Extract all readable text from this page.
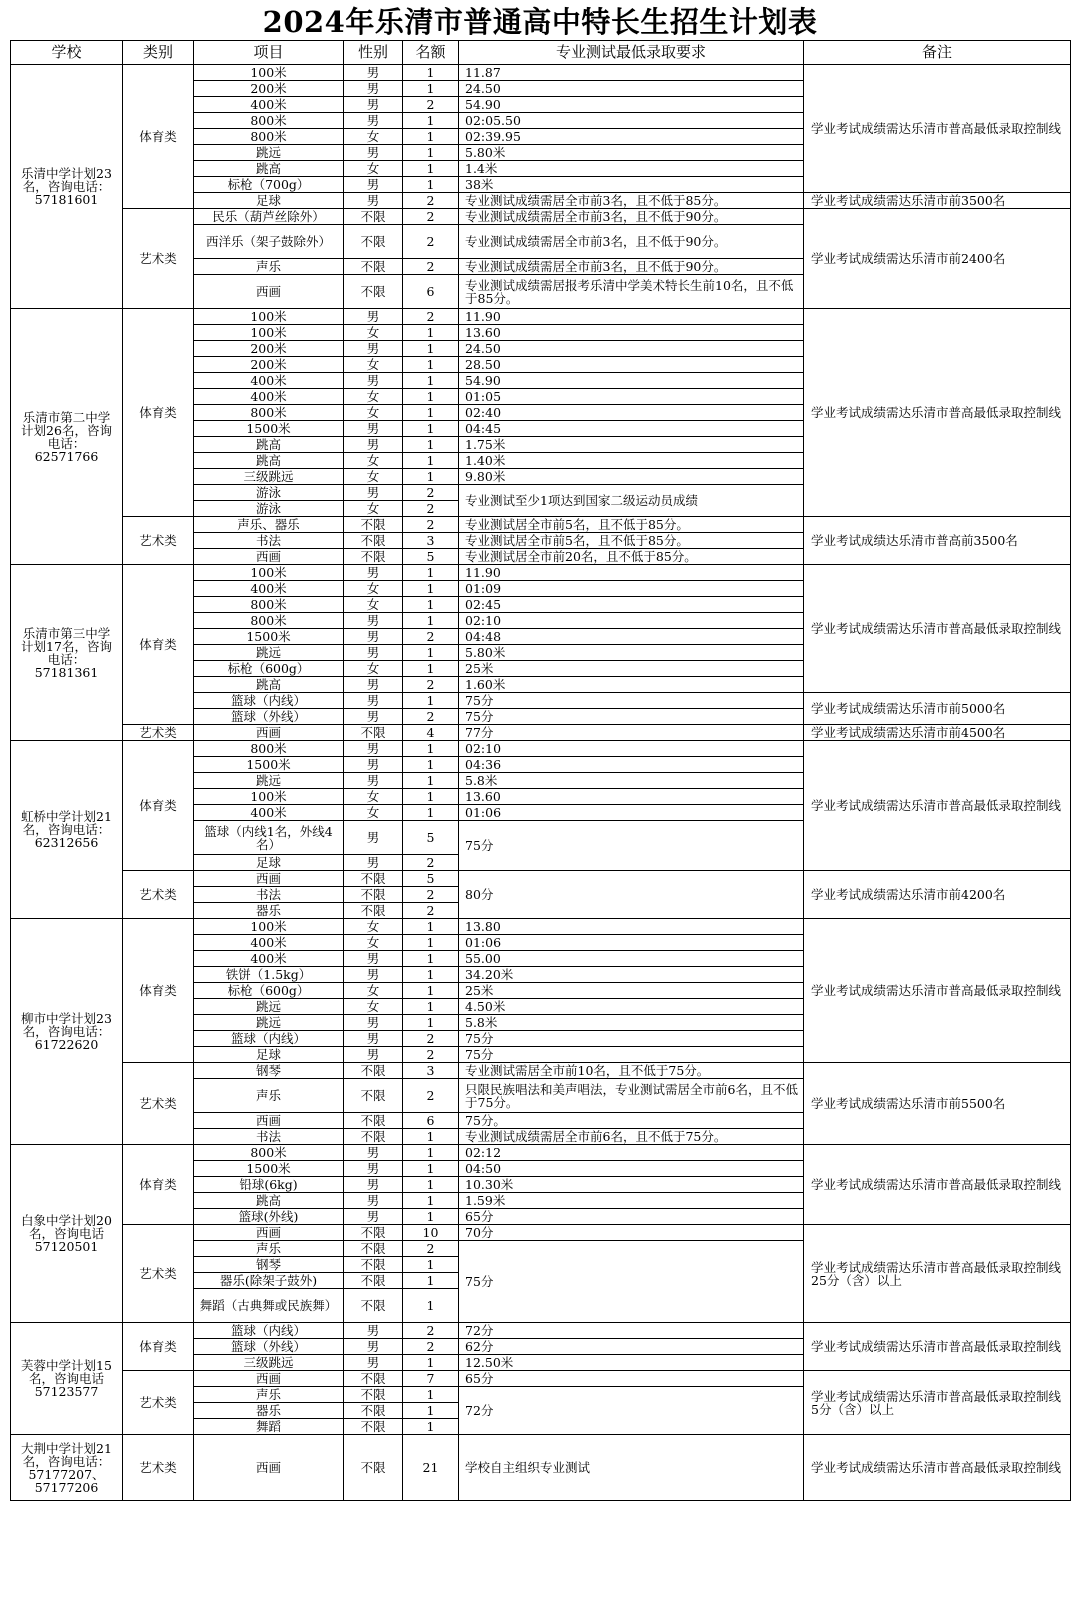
2024年乐清市普通高中特长生招生计划表
学校	类别	项目	性别	名额	专业测试最低录取要求	备注
乐清中学计划23名，咨询电话：57181601	体育类	100米	男	1	11.87	学业考试成绩需达乐清市普高最低录取控制线
		200米	男	1	24.50	
		400米	男	2	54.90	
		800米	男	1	02:05.50	
		800米	女	1	02:39.95	
		跳远	男	1	5.80米	
		跳高	女	1	1.4米	
		标枪（700g）	男	1	38米	
		足球	男	2	专业测试成绩需居全市前3名，且不低于85分。	学业考试成绩需达乐清市前3500名
	艺术类	民乐（葫芦丝除外）	不限	2	专业测试成绩需居全市前3名，且不低于90分。	学业考试成绩需达乐清市前2400名
		西洋乐（架子鼓除外）	不限	2	专业测试成绩需居全市前3名，且不低于90分。	
		声乐	不限	2	专业测试成绩需居全市前3名，且不低于90分。	
		西画	不限	6	专业测试成绩需居报考乐清中学美术特长生前10名，且不低于85分。	
乐清市第二中学计划26名，咨询电话：62571766	体育类	100米	男	2	11.90	学业考试成绩需达乐清市普高最低录取控制线
		100米	女	1	13.60	
		200米	男	1	24.50	
		200米	女	1	28.50	
		400米	男	1	54.90	
		400米	女	1	01:05	
		800米	女	1	02:40	
		1500米	男	1	04:45	
		跳高	男	1	1.75米	
		跳高	女	1	1.40米	
		三级跳远	女	1	9.80米	
		游泳	男	2	专业测试至少1项达到国家二级运动员成绩	
		游泳	女	2		
	艺术类	声乐、器乐	不限	2	专业测试居全市前5名，且不低于85分。	学业考试成绩达乐清市普高前3500名
		书法	不限	3	专业测试居全市前5名，且不低于85分。	
		西画	不限	5	专业测试居全市前20名，且不低于85分。	
乐清市第三中学计划17名，咨询电话：57181361	体育类	100米	男	1	11.90	学业考试成绩需达乐清市普高最低录取控制线
		400米	女	1	01:09	
		800米	女	1	02:45	
		800米	男	1	02:10	
		1500米	男	2	04:48	
		跳远	男	1	5.80米	
		标枪（600g）	女	1	25米	
		跳高	男	2	1.60米	
		篮球（内线）	男	1	75分	学业考试成绩需达乐清市前5000名
		篮球（外线）	男	2	75分	
	艺术类	西画	不限	4	77分	学业考试成绩需达乐清市前4500名
虹桥中学计划21名，咨询电话：62312656	体育类	800米	男	1	02:10	学业考试成绩需达乐清市普高最低录取控制线
		1500米	男	1	04:36	
		跳远	男	1	5.8米	
		100米	女	1	13.60	
		400米	女	1	01:06	
		篮球（内线1名，外线4名）	男	5	75分	
		足球	男	2		
	艺术类	西画	不限	5	80分	学业考试成绩需达乐清市前4200名
		书法	不限	2		
		器乐	不限	2		
柳市中学计划23名，咨询电话：61722620	体育类	100米	女	1	13.80	学业考试成绩需达乐清市普高最低录取控制线
		400米	女	1	01:06	
		400米	男	1	55.00	
		铁饼（1.5kg）	男	1	34.20米	
		标枪（600g）	女	1	25米	
		跳远	女	1	4.50米	
		跳远	男	1	5.8米	
		篮球（内线）	男	2	75分	
		足球	男	2	75分	
	艺术类	钢琴	不限	3	专业测试需居全市前10名，且不低于75分。	学业考试成绩需达乐清市前5500名
		声乐	不限	2	只限民族唱法和美声唱法，专业测试需居全市前6名，且不低于75分。	
		西画	不限	6	75分。	
		书法	不限	1	专业测试成绩需居全市前6名，且不低于75分。	
白象中学计划20名，咨询电话57120501	体育类	800米	男	1	02:12	学业考试成绩需达乐清市普高最低录取控制线
		1500米	男	1	04:50	
		铅球(6kg)	男	1	10.30米	
		跳高	男	1	1.59米	
		篮球(外线)	男	1	65分	
	艺术类	西画	不限	10	70分	学业考试成绩需达乐清市普高最低录取控制线25分（含）以上
		声乐	不限	2	75分	
		钢琴	不限	1		
		器乐(除架子鼓外)	不限	1		
		舞蹈（古典舞或民族舞）	不限	1		
芙蓉中学计划15名，咨询电话57123577	体育类	篮球（内线）	男	2	72分	学业考试成绩需达乐清市普高最低录取控制线
		篮球（外线）	男	2	62分	
		三级跳远	男	1	12.50米	
	艺术类	西画	不限	7	65分	学业考试成绩需达乐清市普高最低录取控制线5分（含）以上
		声乐	不限	1	72分	
		器乐	不限	1		
		舞蹈	不限	1		
大荆中学计划21名，咨询电话：57177207、57177206	艺术类	西画	不限	21	学校自主组织专业测试	学业考试成绩需达乐清市普高最低录取控制线
